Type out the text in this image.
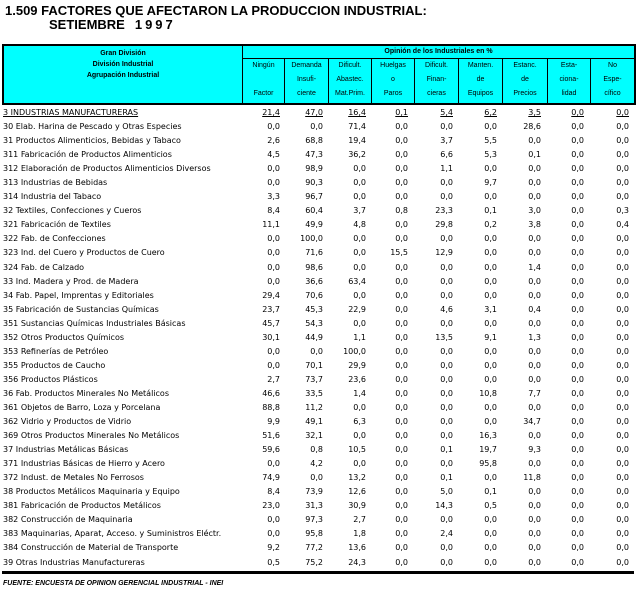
1.509 FACTORES QUE AFECTARON LA PRODUCCION INDUSTRIAL:
SETIEMBRE 1997
Gran División
División Industrial
Agrupación Industrial
Opinión de los Industriales en %
Ningún
Factor
Demanda
Insufi-
ciente
Dificult.
Abastec.
Mat.Prim.
Huelgas
o
Paros
Dificult.
Finan-
cieras
Manten.
de
Equipos
Estanc.
de
Precios
Esta-
ciona-
lidad
No
Espe-
cífico
3 INDUSTRIAS MANUFACTURERAS	21,4	47,0	16,4	0,1	5,4	6,2	3,5	0,0	0,0
30 Elab. Harina de Pescado y Otras Especies	0,0	0,0	71,4	0,0	0,0	0,0	28,6	0,0	0,0
31 Productos Alimenticios, Bebidas y Tabaco	2,6	68,8	19,4	0,0	3,7	5,5	0,0	0,0	0,0
311 Fabricación de Productos Alimenticios	4,5	47,3	36,2	0,0	6,6	5,3	0,1	0,0	0,0
312 Elaboración de Productos Alimenticios Diversos	0,0	98,9	0,0	0,0	1,1	0,0	0,0	0,0	0,0
313 Industrias de Bebidas	0,0	90,3	0,0	0,0	0,0	9,7	0,0	0,0	0,0
314 Industria del Tabaco	3,3	96,7	0,0	0,0	0,0	0,0	0,0	0,0	0,0
32 Textiles, Confecciones y Cueros	8,4	60,4	3,7	0,8	23,3	0,1	3,0	0,0	0,3
321 Fabricación de Textiles	11,1	49,9	4,8	0,0	29,8	0,2	3,8	0,0	0,4
322 Fab. de Confecciones	0,0	100,0	0,0	0,0	0,0	0,0	0,0	0,0	0,0
323 Ind. del Cuero y Productos de Cuero	0,0	71,6	0,0	15,5	12,9	0,0	0,0	0,0	0,0
324 Fab. de Calzado	0,0	98,6	0,0	0,0	0,0	0,0	1,4	0,0	0,0
33 Ind. Madera y Prod. de Madera	0,0	36,6	63,4	0,0	0,0	0,0	0,0	0,0	0,0
34 Fab. Papel, Imprentas y Editoriales	29,4	70,6	0,0	0,0	0,0	0,0	0,0	0,0	0,0
35 Fabricación de Sustancias Químicas	23,7	45,3	22,9	0,0	4,6	3,1	0,4	0,0	0,0
351 Sustancias Químicas Industriales Básicas	45,7	54,3	0,0	0,0	0,0	0,0	0,0	0,0	0,0
352 Otros Productos Químicos	30,1	44,9	1,1	0,0	13,5	9,1	1,3	0,0	0,0
353 Refinerías de Petróleo	0,0	0,0	100,0	0,0	0,0	0,0	0,0	0,0	0,0
355 Productos de Caucho	0,0	70,1	29,9	0,0	0,0	0,0	0,0	0,0	0,0
356 Productos Plásticos	2,7	73,7	23,6	0,0	0,0	0,0	0,0	0,0	0,0
36 Fab. Productos Minerales No Metálicos	46,6	33,5	1,4	0,0	0,0	10,8	7,7	0,0	0,0
361 Objetos de Barro, Loza y Porcelana	88,8	11,2	0,0	0,0	0,0	0,0	0,0	0,0	0,0
362 Vidrio y Productos de Vidrio	9,9	49,1	6,3	0,0	0,0	0,0	34,7	0,0	0,0
369 Otros Productos Minerales No Metálicos	51,6	32,1	0,0	0,0	0,0	16,3	0,0	0,0	0,0
37 Industrias Metálicas Básicas	59,6	0,8	10,5	0,0	0,1	19,7	9,3	0,0	0,0
371 Industrias Básicas de Hierro y Acero	0,0	4,2	0,0	0,0	0,0	95,8	0,0	0,0	0,0
372 Indust. de Metales No Ferrosos	74,9	0,0	13,2	0,0	0,1	0,0	11,8	0,0	0,0
38 Productos Metálicos Maquinaria y Equipo	8,4	73,9	12,6	0,0	5,0	0,1	0,0	0,0	0,0
381 Fabricación de Productos Metálicos	23,0	31,3	30,9	0,0	14,3	0,5	0,0	0,0	0,0
382 Construcción de Maquinaria	0,0	97,3	2,7	0,0	0,0	0,0	0,0	0,0	0,0
383 Maquinarias, Aparat, Acceso. y Suministros Eléctr.	0,0	95,8	1,8	0,0	2,4	0,0	0,0	0,0	0,0
384 Construcción de Material de Transporte	9,2	77,2	13,6	0,0	0,0	0,0	0,0	0,0	0,0
39 Otras Industrias Manufactureras	0,5	75,2	24,3	0,0	0,0	0,0	0,0	0,0	0,0
FUENTE: ENCUESTA DE OPINION GERENCIAL INDUSTRIAL - INEI
